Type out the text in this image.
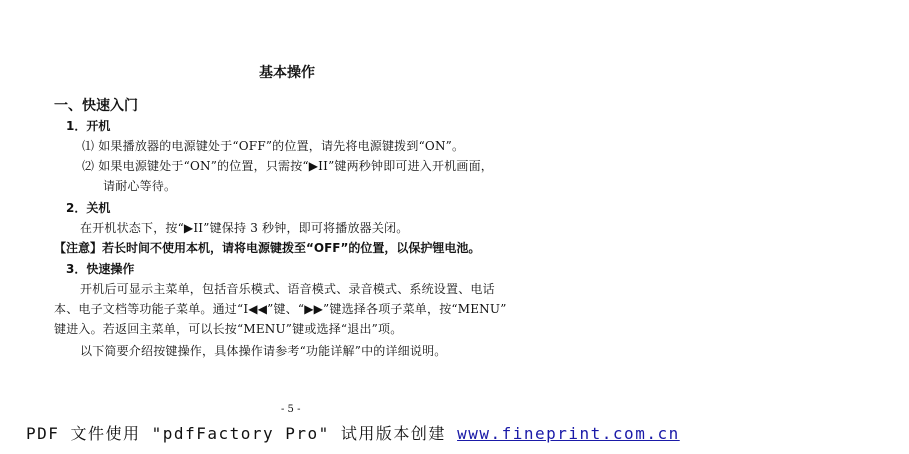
基本操作
一、快速入门
1．开机
⑴ 如果播放器的电源键处于“OFF”的位置，请先将电源键拨到“ON”。
⑵ 如果电源键处于“ON”的位置，只需按“▶II”键两秒钟即可进入开机画面，
请耐心等待。
2．关机
在开机状态下，按“▶II”键保持 3 秒钟，即可将播放器关闭。
【注意】若长时间不使用本机，请将电源键拨至“OFF”的位置，以保护锂电池。
3．快速操作
开机后可显示主菜单，包括音乐模式、语音模式、录音模式、系统设置、电话
本、电子文档等功能子菜单。通过“I◀◀”键、“▶▶”键选择各项子菜单，按“MENU”
键进入。若返回主菜单，可以长按“MENU”键或选择“退出”项。
以下简要介绍按键操作，具体操作请参考“功能详解”中的详细说明。
- 5 -
PDF 文件使用 "pdfFactory Pro" 试用版本创建 www.fineprint.com.cn
